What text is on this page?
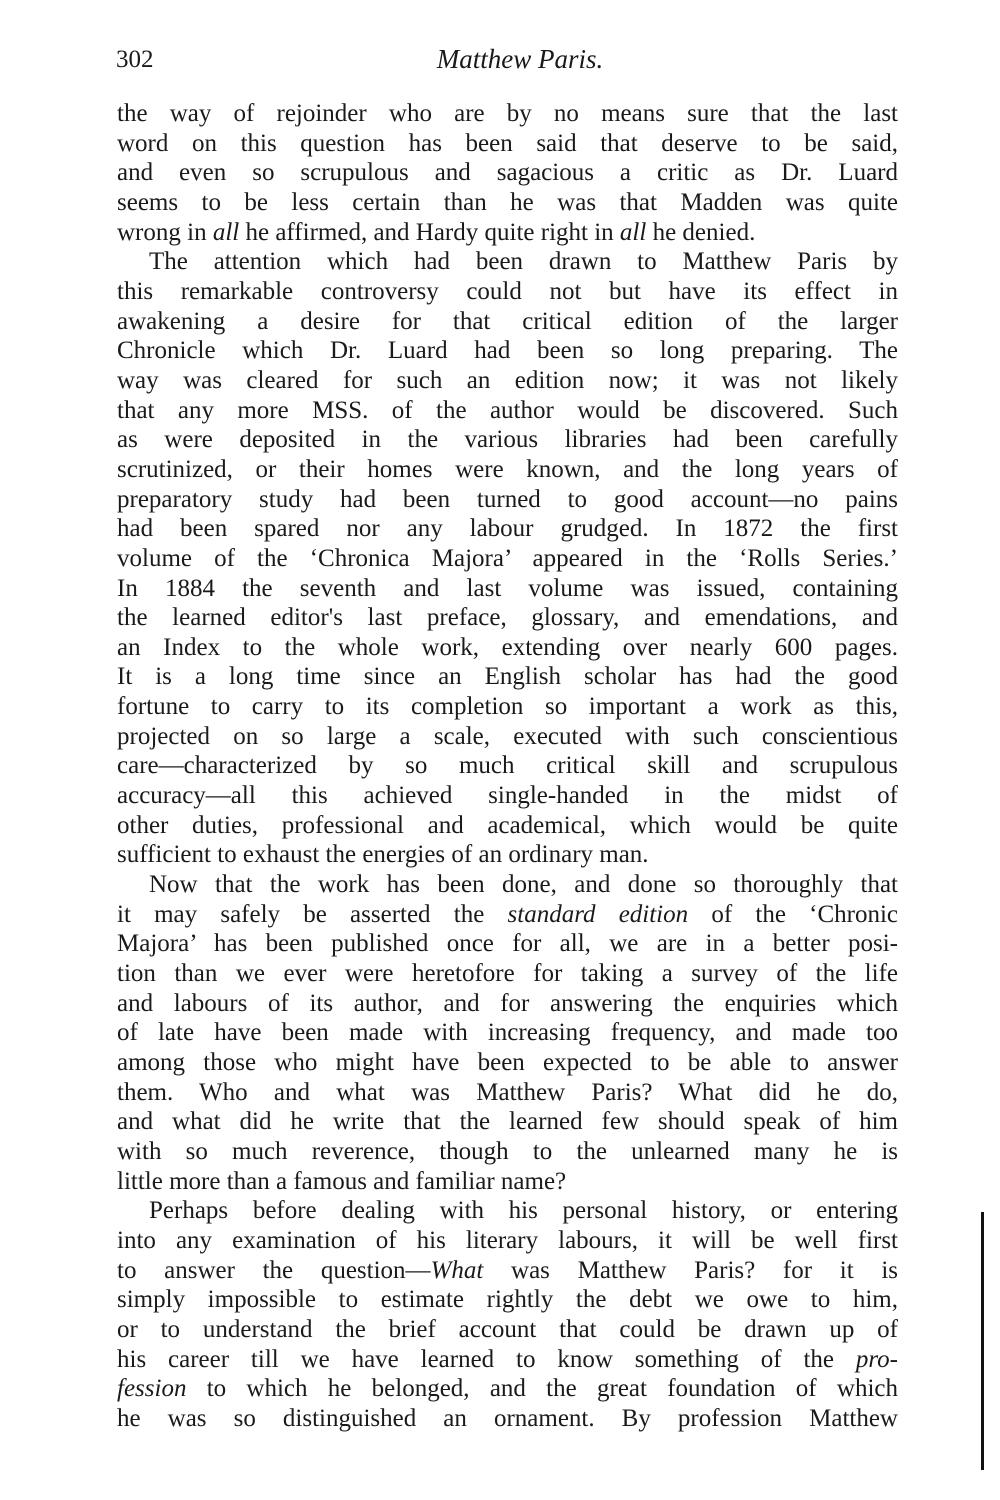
302	Matthew Paris.
the way of rejoinder who are by no means sure that the last
word on this question has been said that deserve to be said,
and even so scrupulous and sagacious a critic as Dr. Luard
seems to be less certain than he was that Madden was quite
wrong in all he affirmed, and Hardy quite right in all he denied.
The attention which had been drawn to Matthew Paris by
this remarkable controversy could not but have its effect in
awakening a desire for that critical edition of the larger
Chronicle which Dr. Luard had been so long preparing. The
way was cleared for such an edition now; it was not likely
that any more MSS. of the author would be discovered. Such
as were deposited in the various libraries had been carefully
scrutinized, or their homes were known, and the long years of
preparatory study had been turned to good account—no pains
had been spared nor any labour grudged. In 1872 the first
volume of the ‘Chronica Majora’ appeared in the ‘Rolls Series.’
In 1884 the seventh and last volume was issued, containing
the learned editor's last preface, glossary, and emendations, and
an Index to the whole work, extending over nearly 600 pages.
It is a long time since an English scholar has had the good
fortune to carry to its completion so important a work as this,
projected on so large a scale, executed with such conscientious
care—characterized by so much critical skill and scrupulous
accuracy—all this achieved single-handed in the midst of
other duties, professional and academical, which would be quite
sufficient to exhaust the energies of an ordinary man.
Now that the work has been done, and done so thoroughly that
it may safely be asserted the standard edition of the ‘Chronic
Majora’ has been published once for all, we are in a better posi-
tion than we ever were heretofore for taking a survey of the life
and labours of its author, and for answering the enquiries which
of late have been made with increasing frequency, and made too
among those who might have been expected to be able to answer
them. Who and what was Matthew Paris? What did he do,
and what did he write that the learned few should speak of him
with so much reverence, though to the unlearned many he is
little more than a famous and familiar name?
Perhaps before dealing with his personal history, or entering
into any examination of his literary labours, it will be well first
to answer the question—What was Matthew Paris? for it is
simply impossible to estimate rightly the debt we owe to him,
or to understand the brief account that could be drawn up of
his career till we have learned to know something of the pro-
fession to which he belonged, and the great foundation of which
he was so distinguished an ornament. By profession Matthew
